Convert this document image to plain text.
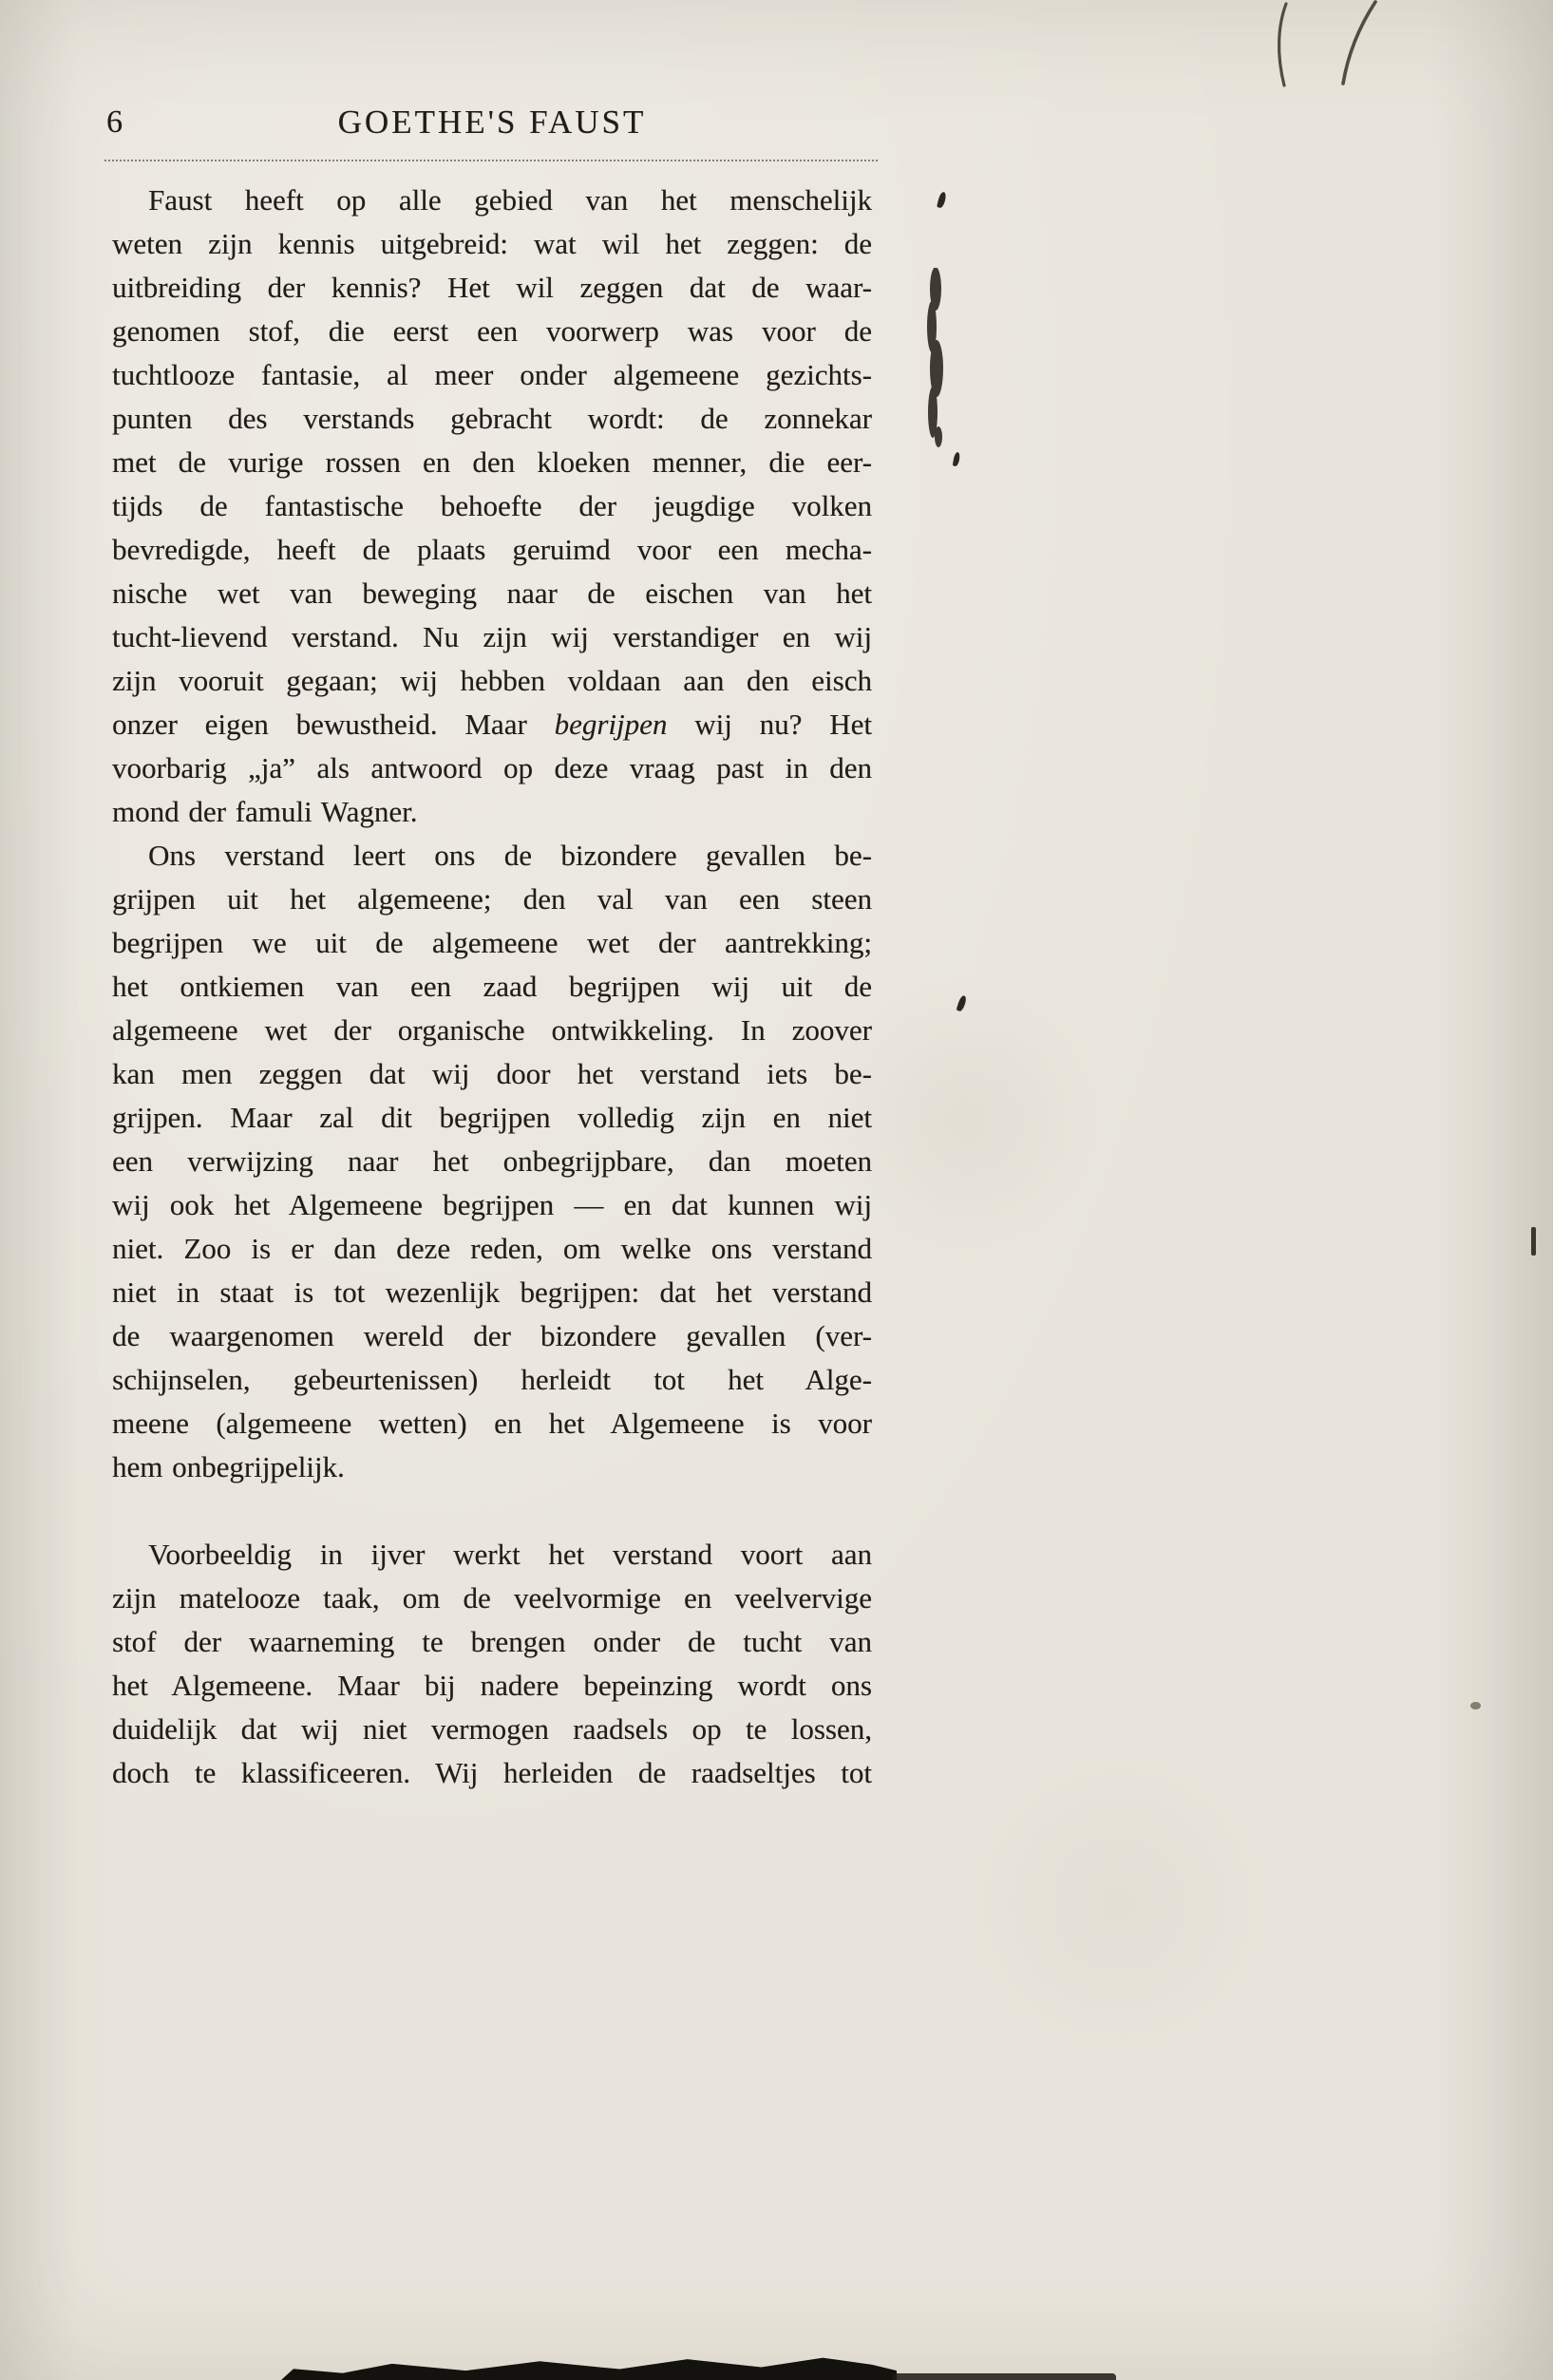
6	GOETHE'S FAUST
Faust heeft op alle gebied van het menschelijk
weten zijn kennis uitgebreid: wat wil het zeggen: de
uitbreiding der kennis? Het wil zeggen dat de waar-
genomen stof, die eerst een voorwerp was voor de
tuchtlooze fantasie, al meer onder algemeene gezichts-
punten des verstands gebracht wordt: de zonnekar
met de vurige rossen en den kloeken menner, die eer-
tijds de fantastische behoefte der jeugdige volken
bevredigde, heeft de plaats geruimd voor een mecha-
nische wet van beweging naar de eischen van het
tucht-lievend verstand. Nu zijn wij verstandiger en wij
zijn vooruit gegaan; wij hebben voldaan aan den eisch
onzer eigen bewustheid. Maar begrijpen wij nu? Het
voorbarig „ja” als antwoord op deze vraag past in den
mond der famuli Wagner.
Ons verstand leert ons de bizondere gevallen be-
grijpen uit het algemeene; den val van een steen
begrijpen we uit de algemeene wet der aantrekking;
het ontkiemen van een zaad begrijpen wij uit de
algemeene wet der organische ontwikkeling. In zoover
kan men zeggen dat wij door het verstand iets be-
grijpen. Maar zal dit begrijpen volledig zijn en niet
een verwijzing naar het onbegrijpbare, dan moeten
wij ook het Algemeene begrijpen — en dat kunnen wij
niet. Zoo is er dan deze reden, om welke ons verstand
niet in staat is tot wezenlijk begrijpen: dat het verstand
de waargenomen wereld der bizondere gevallen (ver-
schijnselen, gebeurtenissen) herleidt tot het Alge-
meene (algemeene wetten) en het Algemeene is voor
hem onbegrijpelijk.
Voorbeeldig in ijver werkt het verstand voort aan
zijn matelooze taak, om de veelvormige en veelvervige
stof der waarneming te brengen onder de tucht van
het Algemeene. Maar bij nadere bepeinzing wordt ons
duidelijk dat wij niet vermogen raadsels op te lossen,
doch te klassificeeren. Wij herleiden de raadseltjes tot
